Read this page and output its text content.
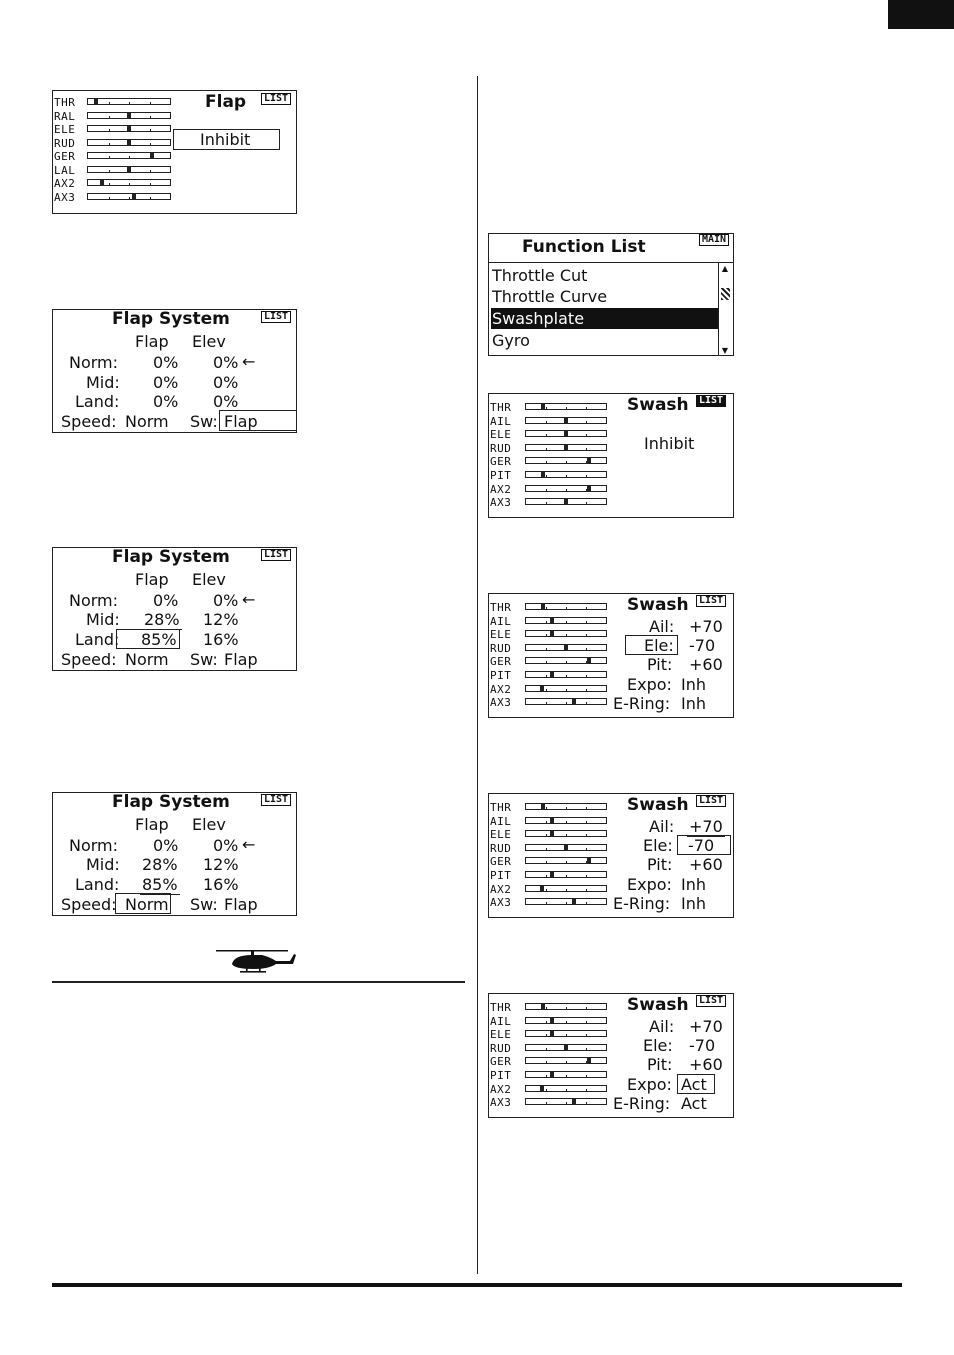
Flap	LIST
Inhibit
THR
RAL
ELE
RUD
GER
LAL
AX2
AX3
Flap System	LIST
Flap Elev
Norm: 0% 0% ←
Mid: 0% 0%
Land: 0% 0%
Speed: Norm Sw: Flap
Flap System	LIST
Flap Elev
Norm: 0% 0% ←
Mid: 28% 12%
Land: 85% 16%
Speed: Norm Sw: Flap
Flap System	LIST
Flap Elev
Norm: 0% 0% ←
Mid: 28% 12%
Land: 85% 16%
Speed: Norm Sw: Flap
Function List	MAIN
Throttle Cut
Throttle Curve
Swashplate
Gyro
▲
▼
Swash	LIST
Inhibit
THR
AIL
ELE
RUD
GER
PIT
AX2
AX3
Swash	LIST
Ail: +70
Ele: -70
Pit: +60
Expo: Inh
E-Ring: Inh
THR
AIL
ELE
RUD
GER
PIT
AX2
AX3
Swash	LIST
Ail: +70
Ele: -70
Pit: +60
Expo: Inh
E-Ring: Inh
THR
AIL
ELE
RUD
GER
PIT
AX2
AX3
Swash	LIST
Ail: +70
Ele: -70
Pit: +60
Expo: Act
E-Ring: Act
THR
AIL
ELE
RUD
GER
PIT
AX2
AX3
